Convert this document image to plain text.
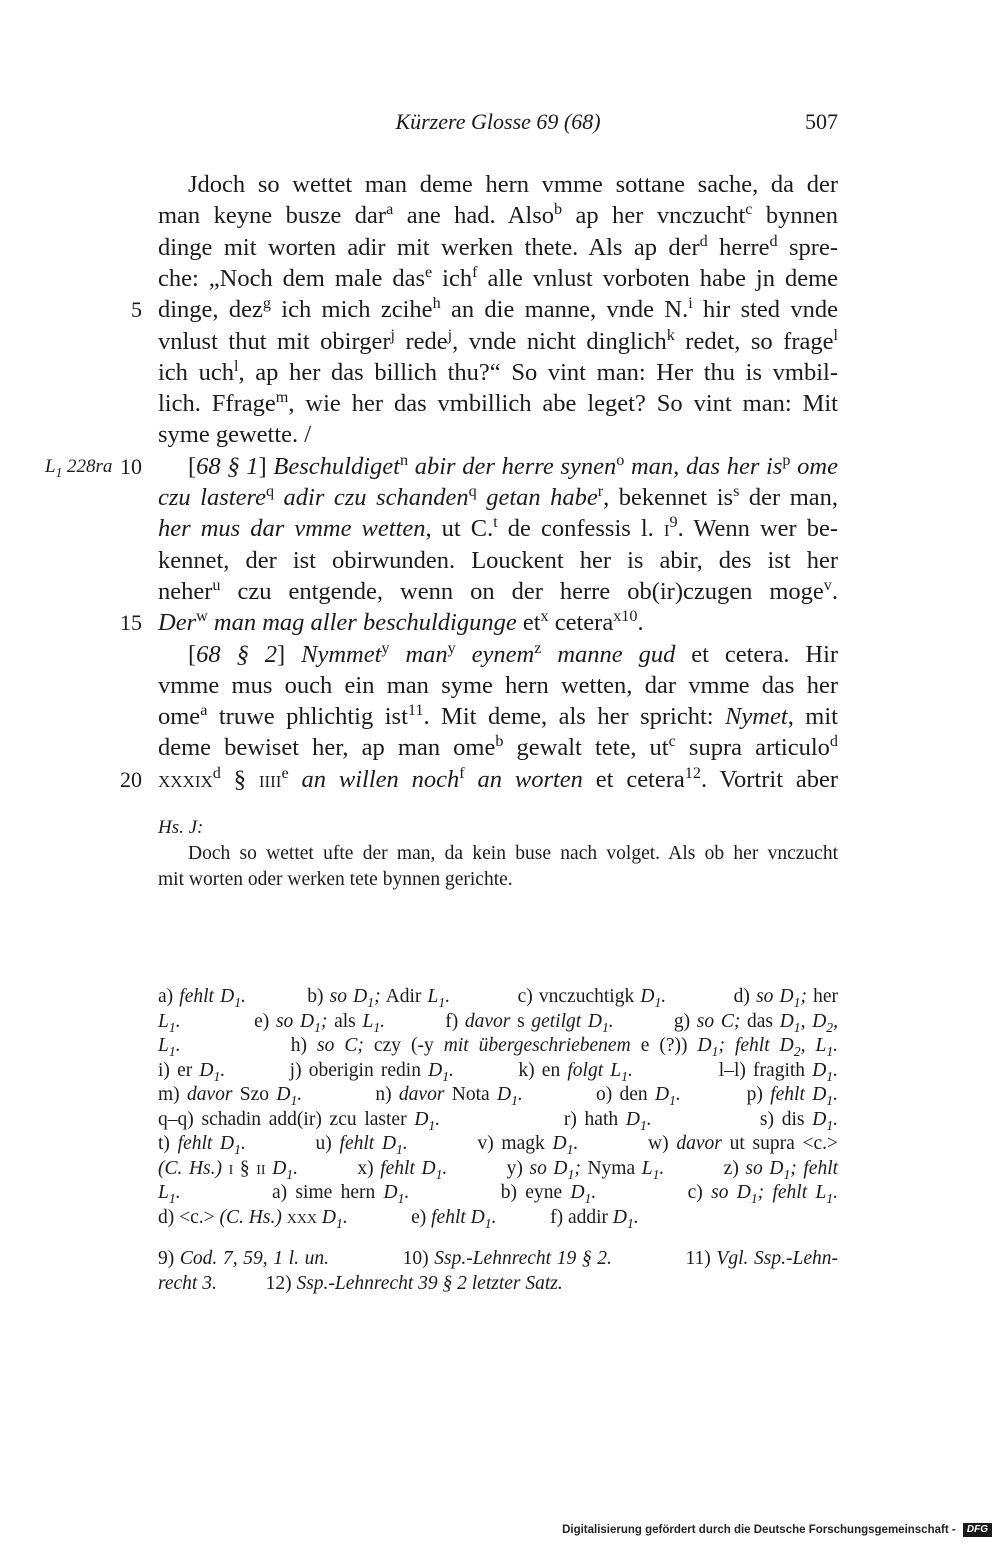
Kürzere Glosse 69 (68)	507
Jdoch so wettet man deme hern vmme sottane sache, da der
man keyne busze dar$^a$ ane had. Also$^b$ ap her vnczucht$^c$ bynnen
dinge mit worten adir mit werken thete. Als ap der$^d$ herre$^d$ spre-
che: „Noch dem male das$^e$ ich$^f$ alle vnlust vorboten habe jn deme
dinge, dez$^g$ ich mich zcihe$^h$ an die manne, vnde N.$^i$ hir sted vnde
5
vnlust thut mit obirger$^j$ rede$^j$, vnde nicht dinglich$^k$ redet, so frage$^l$
ich uch$^l$, ap her das billich thu?“ So vint man: Her thu is vmbil-
lich. Ffrage$^m$, wie her das vmbillich abe leget? So vint man: Mit
syme gewette. /
[68 § 1] Beschuldiget$^n$ abir der herre synen$^o$ man, das her $is^p$ ome
10
$L_1$ 228ra
czu lastere$^q$ adir czu schanden$^q$ getan habe$^r$, bekennet $is^s$ der man,
her mus dar vmme wetten, ut C.$^t$ de confessis l. $i^9$. Wenn wer be-
kennet, der ist obirwunden. Louckent her is abir, des ist her
neher$^u$ czu entgende, wenn on der herre ob(ir)czugen moge$^v$.
Der$^w$ man mag aller beschuldigunge $et^x$ cetera$^{x10}$.
15
[68 § 2] Nymmet$^y$ man$^y$ eynem$^z$ manne gud et cetera. Hir
vmme mus ouch ein man syme hern wetten, dar vmme das her
ome$^a$ truwe phlichtig ist$^{11}$. Mit deme, als her spricht: Nymet, mit
deme bewiset her, ap man ome$^b$ gewalt tete, $ut^c$ supra articulo$^d$
xxxix$^d$ § iiii$^e$ an willen noch$^f$ an worten et cetera$^{12}$. Vortrit aber
20
Hs. J:
Doch so wettet ufte der man, da kein buse nach volget. Als ob her vnczucht
mit worten oder werken tete bynnen gerichte.
a) fehlt $D_1$.          b) so $D_1$; Adir $L_1$.           c) vnczuchtigk $D_1$.           d) so $D_1$; her
$L_1$.           e) so $D_1$; als $L_1$.         f) davor s getilgt $D_1$.         g) so C; das $D_1$, $D_2$,
$L_1$.           h) so C; czy (-y mit übergeschriebenem e (?)) $D_1$; fehlt $D_2$, $L_1$.
i) er $D_1$.         j) oberigin redin $D_1$.         k) en folgt $L_1$.            l–l) fragith $D_1$.
m) davor Szo $D_1$.          n) davor Nota $D_1$.          o) den $D_1$.         p) fehlt $D_1$.
q–q) schadin add(ir) zcu laster $D_1$.                r) hath $D_1$.              s) dis $D_1$.
t) fehlt $D_1$.         u) fehlt $D_1$.         v) magk $D_1$.         w) davor ut supra <c.>
(C. Hs.) i § ii $D_1$.         x) fehlt $D_1$.         y) so $D_1$; Nyma $L_1$.         z) so $D_1$; fehlt
$L_1$.           a) sime hern $D_1$.           b) eyne $D_1$.           c) so $D_1$; fehlt $L_1$.
d) <c.> (C. Hs.) xxx $D_1$.             e) fehlt $D_1$.           f) addir $D_1$.
9) Cod. 7, 59, 1 l. un.             10) Ssp.-Lehnrecht 19 § 2.             11) Vgl. Ssp.-Lehn-
recht 3.          12) Ssp.-Lehnrecht 39 § 2 letzter Satz.
Digitalisierung gefördert durch die Deutsche Forschungsgemeinschaft - DFG
